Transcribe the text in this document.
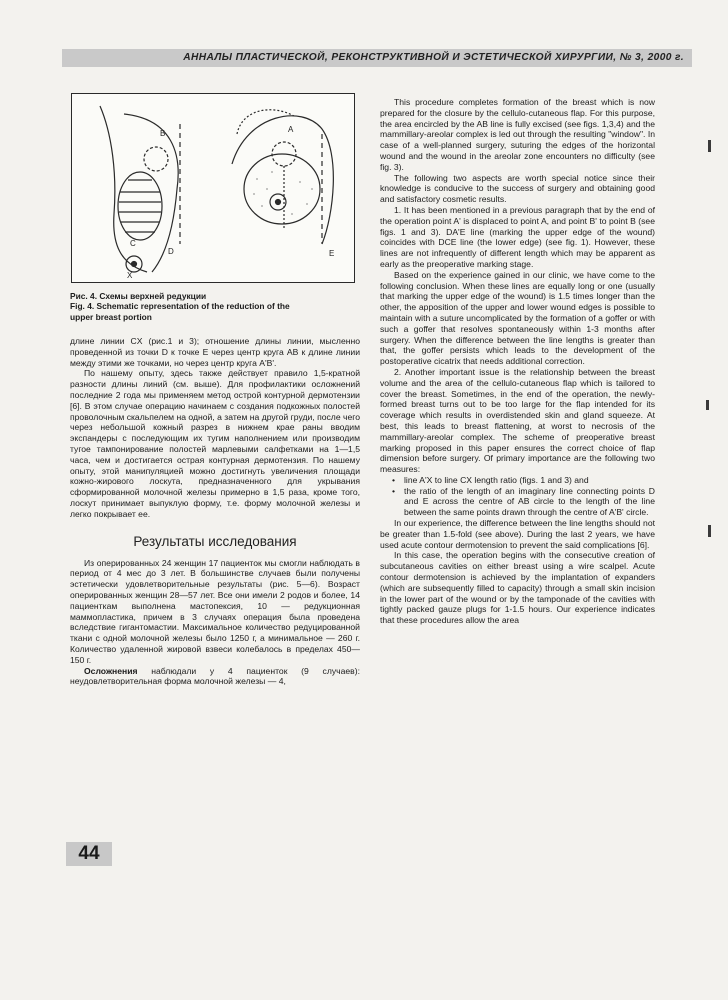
АННАЛЫ ПЛАСТИЧЕСКОЙ, РЕКОНСТРУКТИВНОЙ И ЭСТЕТИЧЕСКОЙ ХИРУРГИИ, № 3, 2000 г.
B	A
E
D
C
X
Рис. 4. Схемы верхней редукции
Fig. 4. Schematic representation of the reduction of the
upper breast portion

длине линии CX (рис.1 и 3); отношение длины линии, мысленно проведенной из точки D к точке E через центр круга AB к длине линии между этими же точками, но через центр круга A'B'.

По нашему опыту, здесь также действует правило 1,5-кратной разности длины линий (см. выше). Для профилактики осложнений последние 2 года мы применяем метод острой контурной дермотензии [6]. В этом случае операцию начинаем с создания подкожных полостей проволочным скальпелем на одной, а затем на другой груди, после чего через небольшой кожный разрез в нижнем крае раны вводим экспандеры с последующим их тугим наполнением или производим тугое тампонирование полостей марлевыми салфетками на 1—1,5 часа, чем и достигается острая контурная дермотензия. По нашему опыту, этой манипуляцией можно достигнуть увеличения площади кожно-жирового лоскута, предназначенного для укрывания сформированной молочной железы примерно в 1,5 раза, кроме того, лоскут принимает выпуклую форму, т.е. форму молочной железы и легко покрывает ее.

Результаты исследования

Из оперированных 24 женщин 17 пациенток мы смогли наблюдать в период от 4 мес до 3 лет. В большинстве случаев были получены эстетически удовлетворительные результаты (рис. 5—6). Возраст оперированных женщин 28—57 лет. Все они имели 2 родов и более, 14 пациенткам выполнена мастопексия, 10 — редукционная маммопластика, причем в 3 случаях операция была проведена вследствие гигантомастии. Максимальное количество редуцированной ткани с одной молочной железы было 1250 г, а минимальное — 260 г. Количество удаленной жировой взвеси колебалось в пределах 450—150 г.

Осложнения наблюдали у 4 пациенток (9 случаев): неудовлетворительная форма молочной железы — 4,

This procedure completes formation of the breast which is now prepared for the closure by the cellulo-cutaneous flap. For this purpose, the area encircled by the AB line is fully excised (see figs. 1,3,4) and the mammillary-areolar complex is led out through the resulting "window". In case of a well-planned surgery, suturing the edges of the horizontal wound and the wound in the areolar zone encounters no difficulty (see fig. 3).

The following two aspects are worth special notice since their knowledge is conducive to the success of surgery and obtaining good and satisfactory cosmetic results.

1. It has been mentioned in a previous paragraph that by the end of the operation point A' is displaced to point A, and point B' to point B (see figs. 1 and 3). DA'E line (marking the upper edge of the wound) coincides with DCE line (the lower edge) (see fig. 1). However, these lines are not infrequently of different length which may be apparent as early as the preoperative marking stage.

Based on the experience gained in our clinic, we have come to the following conclusion. When these lines are equally long or one (usually that marking the upper edge of the wound) is 1.5 times longer than the other, the apposition of the upper and lower wound edges is possible to maintain with a suture uncomplicated by the formation of a goffer or with such a goffer that resolves spontaneously within 1-3 months after surgery. When the difference between the line lengths is greater than that, the goffer persists which leads to the development of the postoperative cicatrix that needs additional correction.

2. Another important issue is the relationship between the breast volume and the area of the cellulo-cutaneous flap which is tailored to cover the breast. Sometimes, in the end of the operation, the newly-formed breast turns out to be too large for the flap intended for its coverage which results in overdistended skin and gland squeeze. At best, this leads to breast flattening, at worst to necrosis of the mammillary-areolar complex. The scheme of preoperative breast marking proposed in this paper ensures the correct choice of flap dimension before surgery. Of primary importance are the following two measures:

•	line A'X to line CX length ratio (figs. 1 and 3) and
•	the ratio of the length of an imaginary line connecting points D and E across the centre of AB circle to the length of the line between the same points drawn through the centre of A'B' circle.

In our experience, the difference between the line lengths should not be greater than 1.5-fold (see above). During the last 2 years, we have used acute contour dermotension to prevent the said complications [6].

In this case, the operation begins with the consecutive creation of subcutaneous cavities on either breast using a wire scalpel. Acute contour dermotension is achieved by the implantation of expanders (which are subsequently filled to capacity) through a small skin incision in the lower part of the wound or by the tamponade of the cavities with tightly packed gauze plugs for 1-1.5 hours. Our experience indicates that these procedures allow the area

44
